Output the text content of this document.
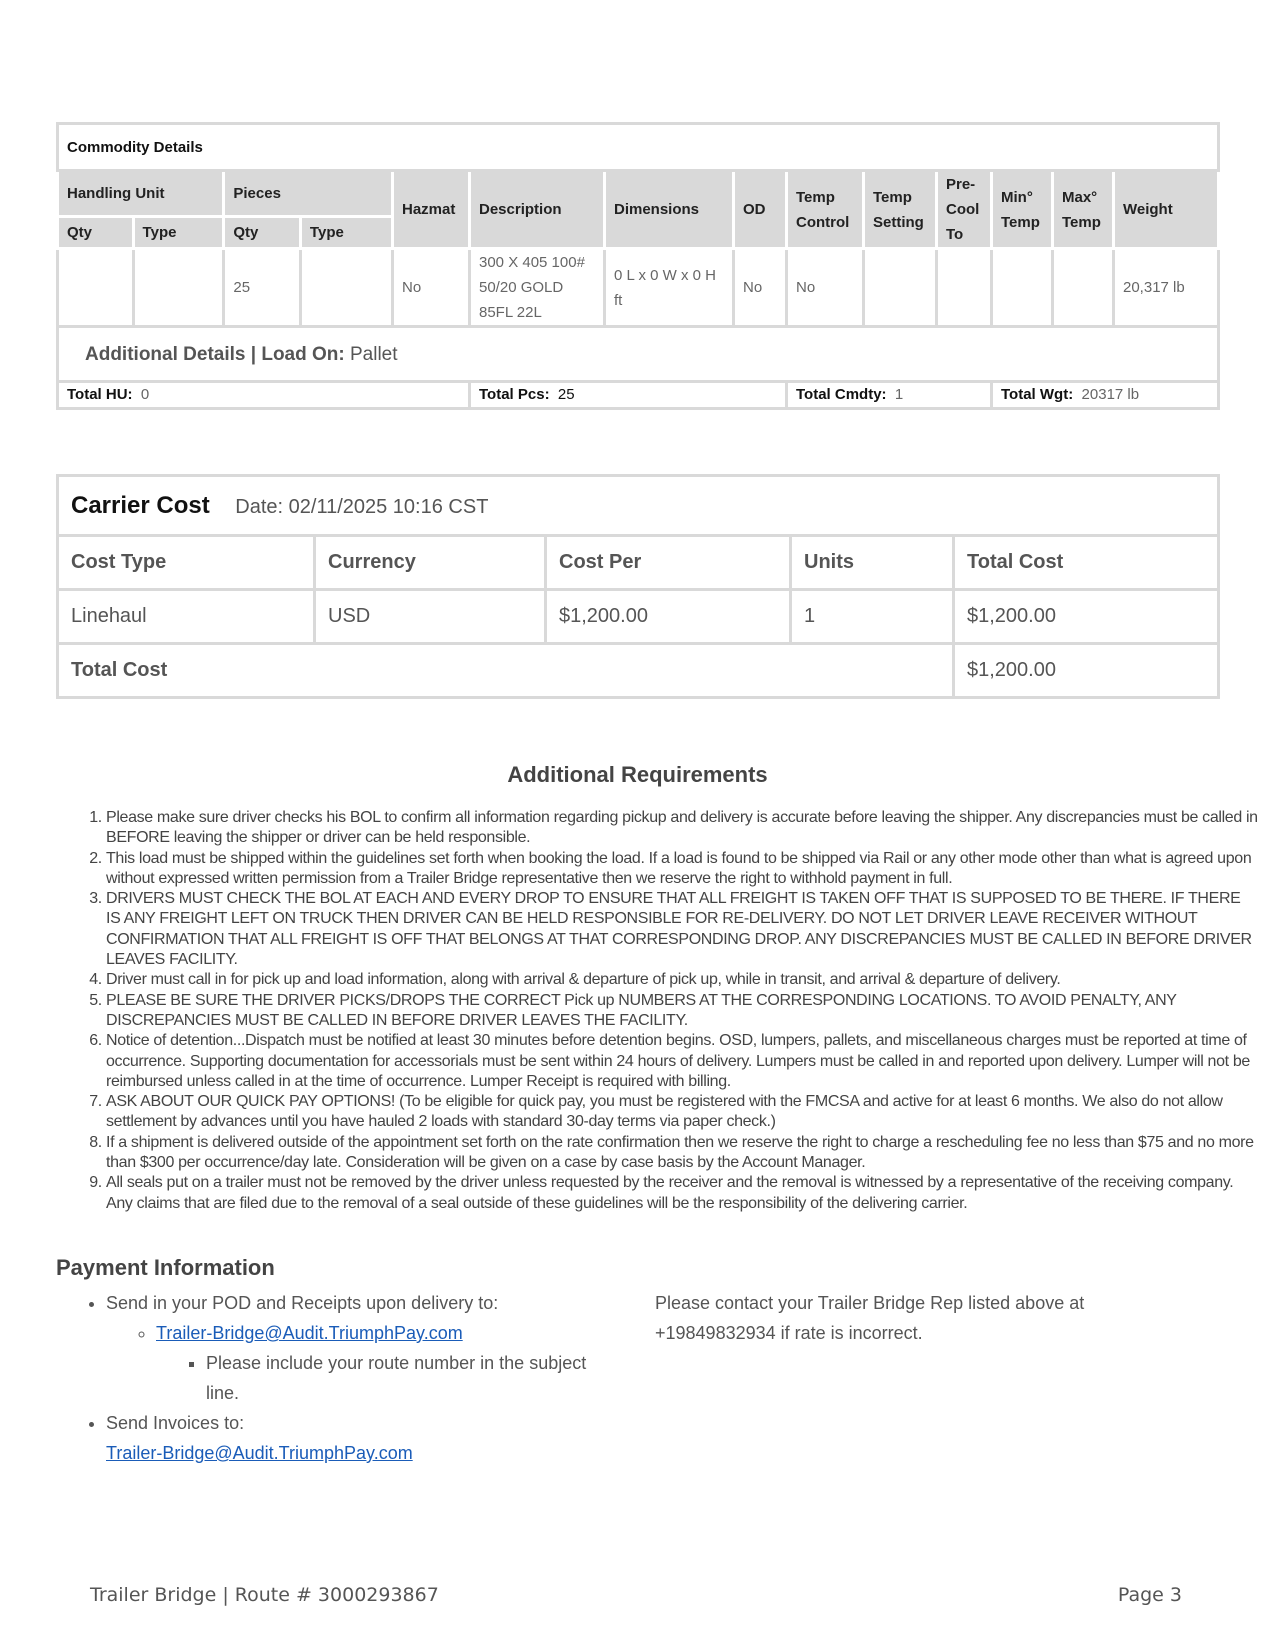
Commodity Details													
Handling Unit		Pieces		Hazmat	Description	Dimensions	OD	Temp Control	Temp Setting	Pre-Cool To	Min° Temp	Max° Temp	Weight
Qty	Type	Qty	Type										
		25		No	300 X 405 100# 50/20 GOLD 85FL 22L	0 L x 0 W x 0 H ft	No	No					20,317 lb
Additional Details | Load On: Pallet													
Total HU: 0					Total Pcs: 25			Total Cmdty: 1			Total Wgt: 20317 lb		
Carrier Cost Date: 02/11/2025 10:16 CST				
Cost Type	Currency	Cost Per	Units	Total Cost
Linehaul	USD	$1,200.00	1	$1,200.00
Total Cost				$1,200.00
Additional Requirements
1. Please make sure driver checks his BOL to confirm all information regarding pickup and delivery is accurate before leaving the shipper. Any discrepancies must be called in BEFORE leaving the shipper or driver can be held responsible.
2. This load must be shipped within the guidelines set forth when booking the load. If a load is found to be shipped via Rail or any other mode other than what is agreed upon without expressed written permission from a Trailer Bridge representative then we reserve the right to withhold payment in full.
3. DRIVERS MUST CHECK THE BOL AT EACH AND EVERY DROP TO ENSURE THAT ALL FREIGHT IS TAKEN OFF THAT IS SUPPOSED TO BE THERE. IF THERE IS ANY FREIGHT LEFT ON TRUCK THEN DRIVER CAN BE HELD RESPONSIBLE FOR RE-DELIVERY. DO NOT LET DRIVER LEAVE RECEIVER WITHOUT CONFIRMATION THAT ALL FREIGHT IS OFF THAT BELONGS AT THAT CORRESPONDING DROP. ANY DISCREPANCIES MUST BE CALLED IN BEFORE DRIVER LEAVES FACILITY.
4. Driver must call in for pick up and load information, along with arrival & departure of pick up, while in transit, and arrival & departure of delivery.
5. PLEASE BE SURE THE DRIVER PICKS/DROPS THE CORRECT Pick up NUMBERS AT THE CORRESPONDING LOCATIONS. TO AVOID PENALTY, ANY DISCREPANCIES MUST BE CALLED IN BEFORE DRIVER LEAVES THE FACILITY.
6. Notice of detention...Dispatch must be notified at least 30 minutes before detention begins. OSD, lumpers, pallets, and miscellaneous charges must be reported at time of occurrence. Supporting documentation for accessorials must be sent within 24 hours of delivery. Lumpers must be called in and reported upon delivery. Lumper will not be reimbursed unless called in at the time of occurrence. Lumper Receipt is required with billing.
7. ASK ABOUT OUR QUICK PAY OPTIONS! (To be eligible for quick pay, you must be registered with the FMCSA and active for at least 6 months. We also do not allow settlement by advances until you have hauled 2 loads with standard 30-day terms via paper check.)
8. If a shipment is delivered outside of the appointment set forth on the rate confirmation then we reserve the right to charge a rescheduling fee no less than $75 and no more than $300 per occurrence/day late. Consideration will be given on a case by case basis by the Account Manager.
9. All seals put on a trailer must not be removed by the driver unless requested by the receiver and the removal is witnessed by a representative of the receiving company. Any claims that are filed due to the removal of a seal outside of these guidelines will be the responsibility of the delivering carrier.
Payment Information
• Send in your POD and Receipts upon delivery to:
◦ Trailer-Bridge@Audit.TriumphPay.com
▪ Please include your route number in the subject line.
• Send Invoices to:
Trailer-Bridge@Audit.TriumphPay.com
Please contact your Trailer Bridge Rep listed above at +19849832934 if rate is incorrect.
Trailer Bridge | Route # 3000293867	Page 3
